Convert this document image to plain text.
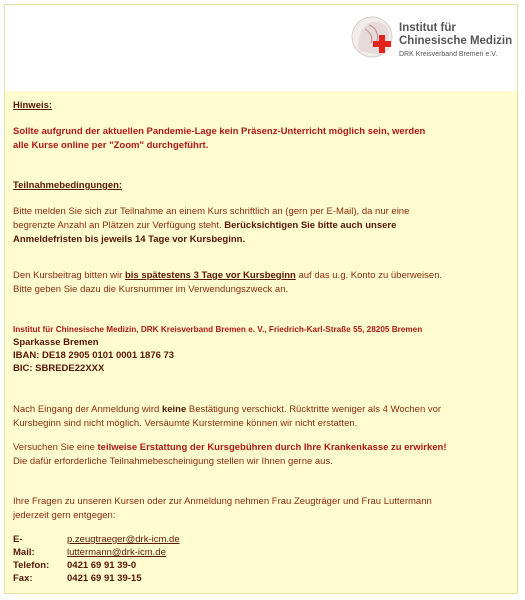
Institut für
Chinesische Medizin
DRK Kreisverband Bremen e.V.
Hinweis:
Sollte aufgrund der aktuellen Pandemie-Lage kein Präsenz-Unterricht möglich sein, werden
alle Kurse online per "Zoom" durchgeführt.
Teilnahmebedingungen:
Bitte melden Sie sich zur Teilnahme an einem Kurs schriftlich an (gern per E-Mail), da nur eine
begrenzte Anzahl an Plätzen zur Verfügung steht. Berücksichtigen Sie bitte auch unsere
Anmeldefristen bis jeweils 14 Tage vor Kursbeginn.
Den Kursbeitrag bitten wir bis spätestens 3 Tage vor Kursbeginn auf das u.g. Konto zu überweisen.
Bitte geben Sie dazu die Kursnummer im Verwendungszweck an.
Institut für Chinesische Medizin, DRK Kreisverband Bremen e. V., Friedrich-Karl-Straße 55, 28205 Bremen
Sparkasse Bremen
IBAN: DE18 2905 0101 0001 1876 73
BIC: SBREDE22XXX
Nach Eingang der Anmeldung wird keine Bestätigung verschickt. Rücktritte weniger als 4 Wochen vor
Kursbeginn sind nicht möglich. Versäumte Kurstermine können wir nicht erstatten.
Versuchen Sie eine teilweise Erstattung der Kursgebühren durch Ihre Krankenkasse zu erwirken!
Die dafür erforderliche Teilnahmebescheinigung stellen wir Ihnen gerne aus.
Ihre Fragen zu unseren Kursen oder zur Anmeldung nehmen Frau Zeugträger und Frau Luttermann
jederzeit gern entgegen:
E-Mail:
p.zeugtraeger@drk-icm.de
luttermann@drk-icm.de
Telefon: 0421 69 91 39-0
Fax:	0421 69 91 39-15
